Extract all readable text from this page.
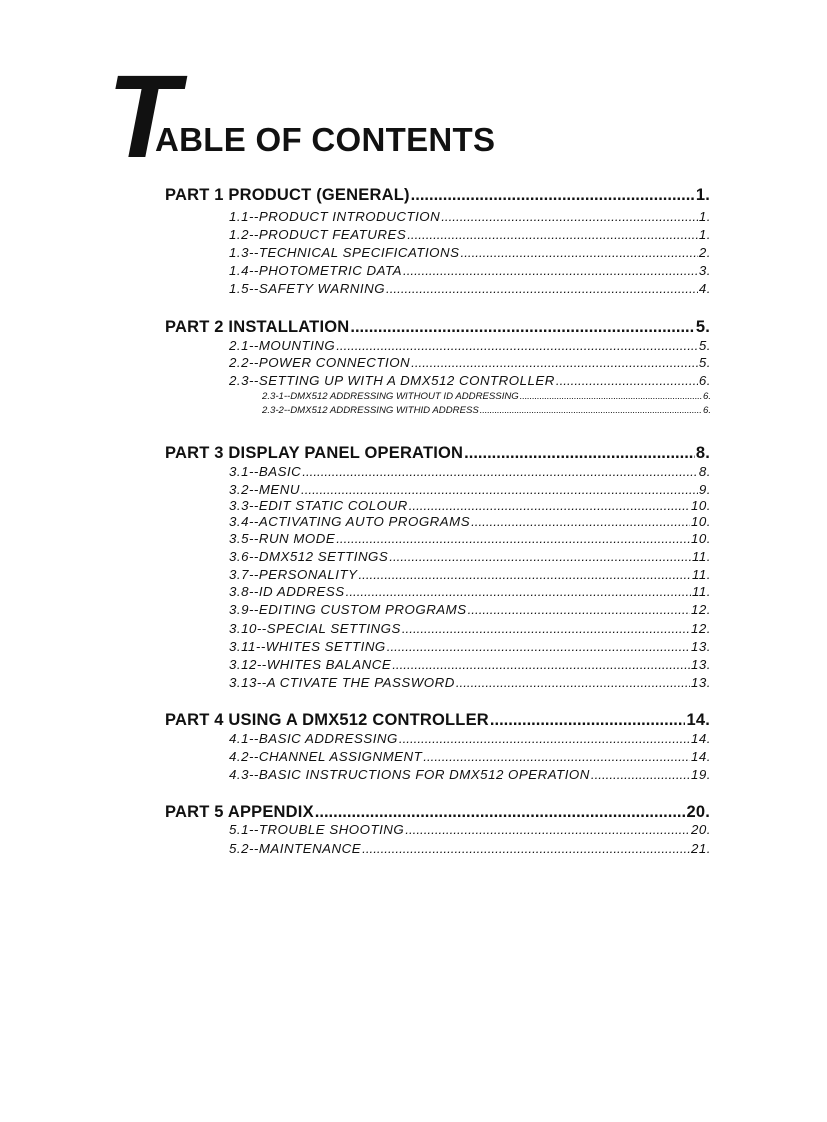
T
ABLE OF CONTENTS
PART 1 PRODUCT (GENERAL) .....	1.
1.1--PRODUCT INTRODUCTION .....	1.
1.2--PRODUCT FEATURES .....	1.
1.3--TECHNICAL SPECIFICATIONS .....	2.
1.4--PHOTOMETRIC DATA .....	3.
1.5--SAFETY WARNING .....	4.
PART 2 INSTALLATION .....	5.
2.1--MOUNTING .....	5.
2.2--POWER CONNECTION .....	5.
2.3--SETTING UP WITH A DMX512 CONTROLLER .....	6.
2.3-1--DMX512 ADDRESSING WITHOUT ID ADDRESSING .....	6.
2.3-2--DMX512 ADDRESSING WITHID ADDRESS .....	6.
PART 3 DISPLAY PANEL OPERATION .....	8.
3.1--BASIC .....	8.
3.2--MENU .....	9.
3.3--EDIT STATIC COLOUR .....	10.
3.4--ACTIVATING AUTO PROGRAMS .....	10.
3.5--RUN MODE .....	10.
3.6--DMX512 SETTINGS .....	11.
3.7--PERSONALITY .....	11.
3.8--ID ADDRESS .....	11.
3.9--EDITING CUSTOM PROGRAMS .....	12.
3.10--SPECIAL SETTINGS .....	12.
3.11--WHITES SETTING .....	13.
3.12--WHITES BALANCE .....	13.
3.13--A CTIVATE THE PASSWORD .....	13.
PART 4 USING A DMX512 CONTROLLER .....	14.
4.1--BASIC ADDRESSING .....	14.
4.2--CHANNEL ASSIGNMENT .....	14.
4.3--BASIC INSTRUCTIONS FOR DMX512 OPERATION .....	19.
PART 5 APPENDIX .....	20.
5.1--TROUBLE SHOOTING .....	20.
5.2--MAINTENANCE .....	21.
